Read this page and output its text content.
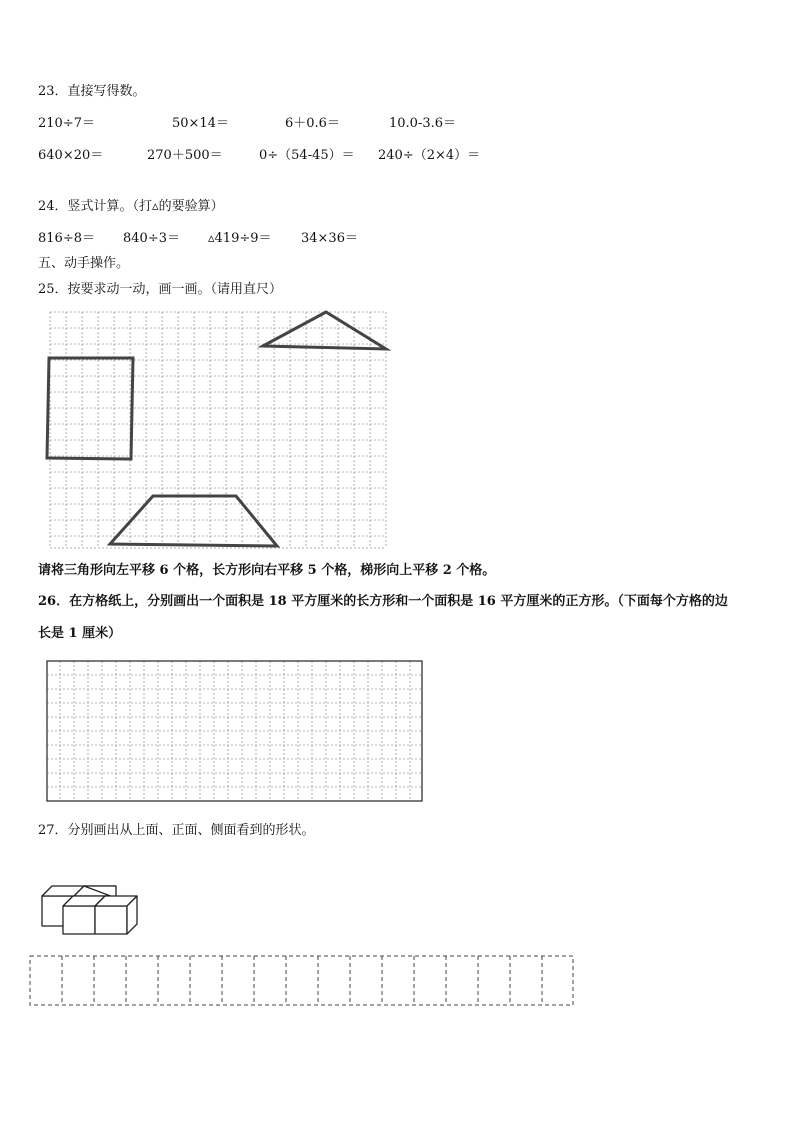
23．直接写得数。
210÷7＝	50×14＝	6＋0.6＝	10.0-3.6＝
640×20＝	270＋500＝	0÷（54-45）＝ 240÷（2×4）＝
24．竖式计算。（打▵的要验算）
816÷8＝ 840÷3＝ ▵419÷9＝ 34×36＝
五、动手操作。
25．按要求动一动，画一画。（请用直尺）
请将三角形向左平移 6 个格，长方形向右平移 5 个格，梯形向上平移 2 个格。
26．在方格纸上，分别画出一个面积是 18 平方厘米的长方形和一个面积是 16 平方厘米的正方形。（下面每个方格的边
长是 1 厘米）
27．分别画出从上面、正面、侧面看到的形状。
